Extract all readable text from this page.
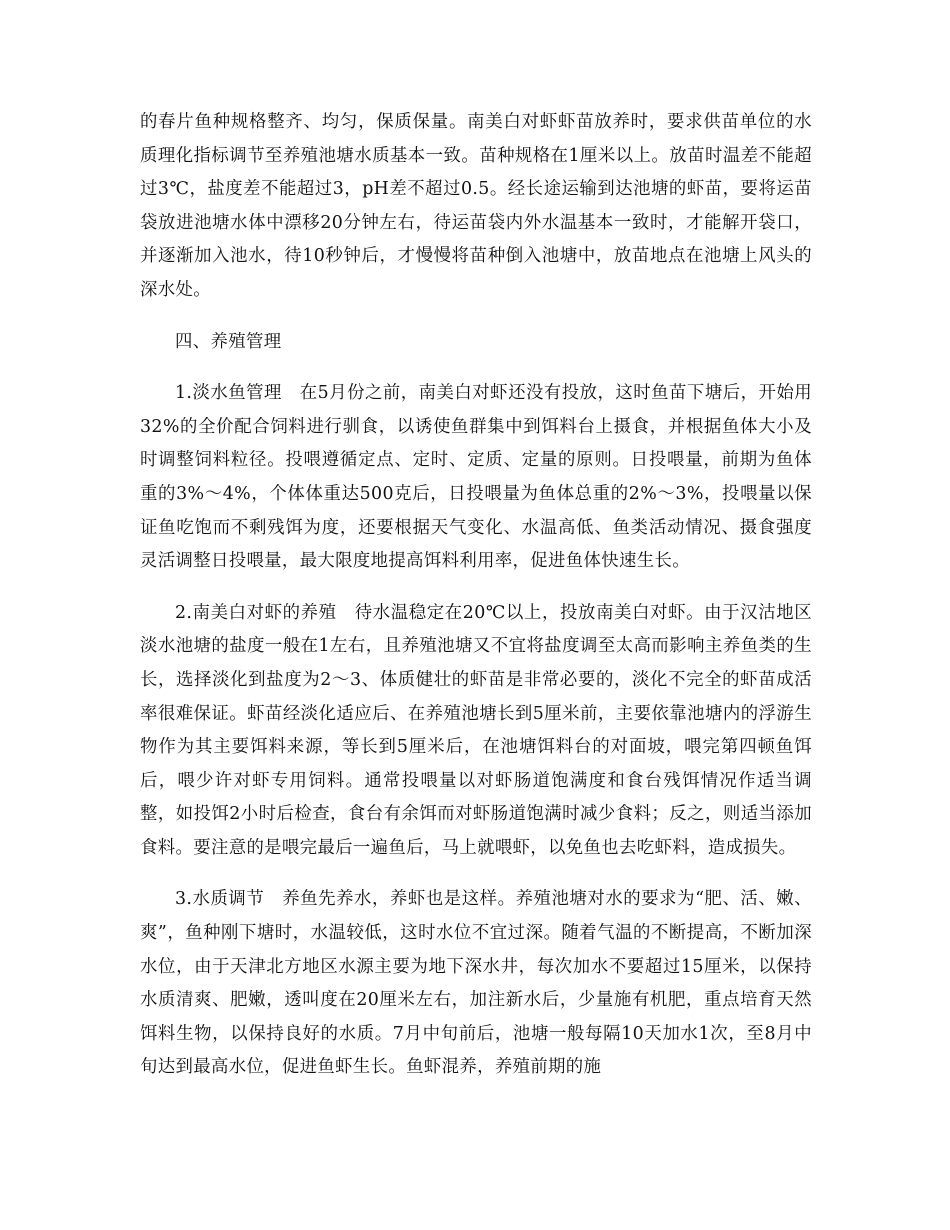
的春片鱼种规格整齐、均匀，保质保量。南美白对虾虾苗放养时，要求供苗单位的水质理化指标调节至养殖池塘水质基本一致。苗种规格在1厘米以上。放苗时温差不能超过3℃，盐度差不能超过3，pH差不超过0.5。经长途运输到达池塘的虾苗，要将运苗袋放进池塘水体中漂移20分钟左右，待运苗袋内外水温基本一致时，才能解开袋口，并逐渐加入池水，待10秒钟后，才慢慢将苗种倒入池塘中，放苗地点在池塘上风头的深水处。

四、养殖管理

1.淡水鱼管理　在5月份之前，南美白对虾还没有投放，这时鱼苗下塘后，开始用32%的全价配合饲料进行驯食，以诱使鱼群集中到饵料台上摄食，并根据鱼体大小及时调整饲料粒径。投喂遵循定点、定时、定质、定量的原则。日投喂量，前期为鱼体重的3%～4%，个体体重达500克后，日投喂量为鱼体总重的2%～3%，投喂量以保证鱼吃饱而不剩残饵为度，还要根据天气变化、水温高低、鱼类活动情况、摄食强度灵活调整日投喂量，最大限度地提高饵料利用率，促进鱼体快速生长。

2.南美白对虾的养殖　待水温稳定在20℃以上，投放南美白对虾。由于汉沽地区淡水池塘的盐度一般在1左右，且养殖池塘又不宜将盐度调至太高而影响主养鱼类的生长，选择淡化到盐度为2～3、体质健壮的虾苗是非常必要的，淡化不完全的虾苗成活率很难保证。虾苗经淡化适应后、在养殖池塘长到5厘米前，主要依靠池塘内的浮游生物作为其主要饵料来源，等长到5厘米后，在池塘饵料台的对面坡，喂完第四顿鱼饵后，喂少许对虾专用饲料。通常投喂量以对虾肠道饱满度和食台残饵情况作适当调整，如投饵2小时后检查，食台有余饵而对虾肠道饱满时减少食料；反之，则适当添加食料。要注意的是喂完最后一遍鱼后，马上就喂虾，以免鱼也去吃虾料，造成损失。

3.水质调节　养鱼先养水，养虾也是这样。养殖池塘对水的要求为“肥、活、嫩、爽”，鱼种刚下塘时，水温较低，这时水位不宜过深。随着气温的不断提高，不断加深水位，由于天津北方地区水源主要为地下深水井，每次加水不要超过15厘米，以保持水质清爽、肥嫩，透叫度在20厘米左右，加注新水后，少量施有机肥，重点培育天然饵料生物，以保持良好的水质。7月中旬前后，池塘一般每隔10天加水1次，至8月中旬达到最高水位，促进鱼虾生长。鱼虾混养，养殖前期的施
